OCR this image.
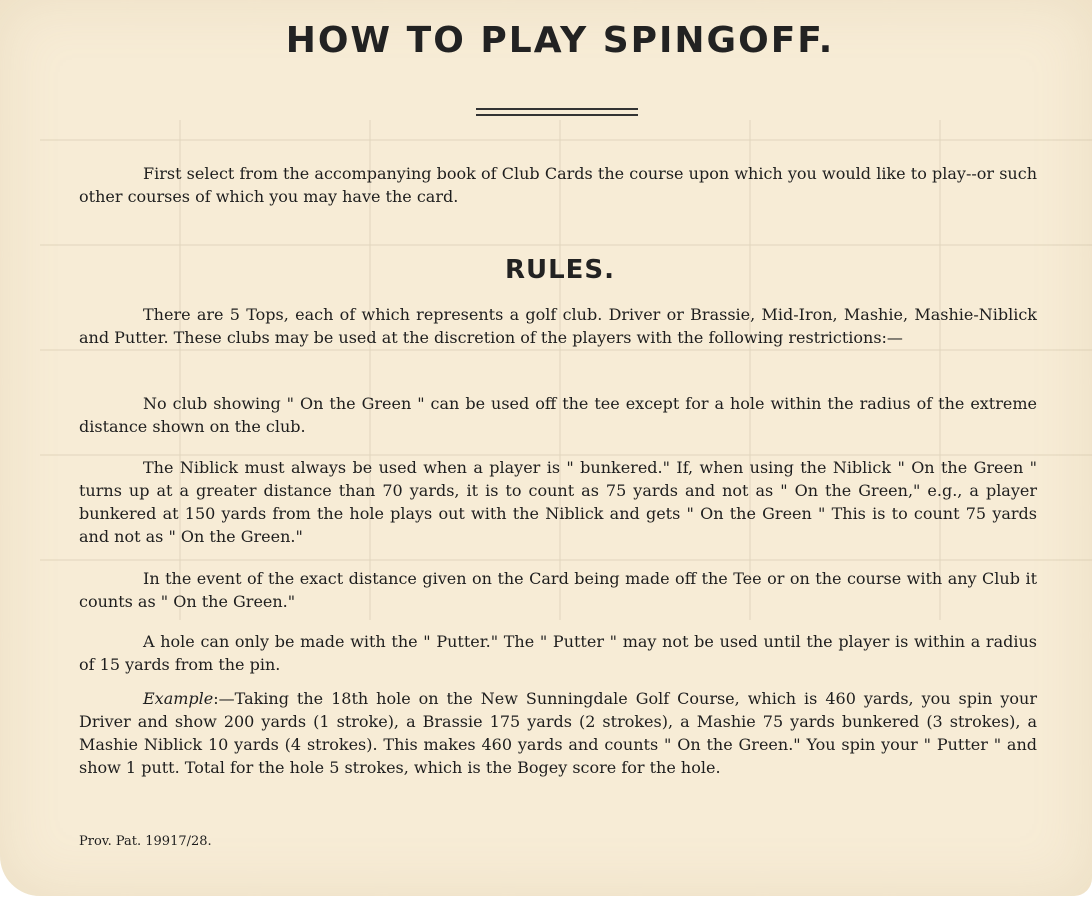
HOW TO PLAY SPINGOFF.

First select from the accompanying book of Club Cards the course upon which you would like to play--or such other courses of which you may have the card.

RULES.

There are 5 Tops, each of which represents a golf club. Driver or Brassie, Mid-Iron, Mashie, Mashie-Niblick and Putter. These clubs may be used at the discretion of the players with the following restrictions:—

No club showing " On the Green " can be used off the tee except for a hole within the radius of the extreme distance shown on the club.

The Niblick must always be used when a player is " bunkered." If, when using the Niblick " On the Green " turns up at a greater distance than 70 yards, it is to count as 75 yards and not as " On the Green," e.g., a player bunkered at 150 yards from the hole plays out with the Niblick and gets " On the Green " This is to count 75 yards and not as " On the Green."

In the event of the exact distance given on the Card being made off the Tee or on the course with any Club it counts as " On the Green."

A hole can only be made with the " Putter." The " Putter " may not be used until the player is within a radius of 15 yards from the pin.

Example:—Taking the 18th hole on the New Sunningdale Golf Course, which is 460 yards, you spin your Driver and show 200 yards (1 stroke), a Brassie 175 yards (2 strokes), a Mashie 75 yards bunkered (3 strokes), a Mashie Niblick 10 yards (4 strokes). This makes 460 yards and counts " On the Green." You spin your " Putter " and show 1 putt. Total for the hole 5 strokes, which is the Bogey score for the hole.

Prov. Pat. 19917/28.
